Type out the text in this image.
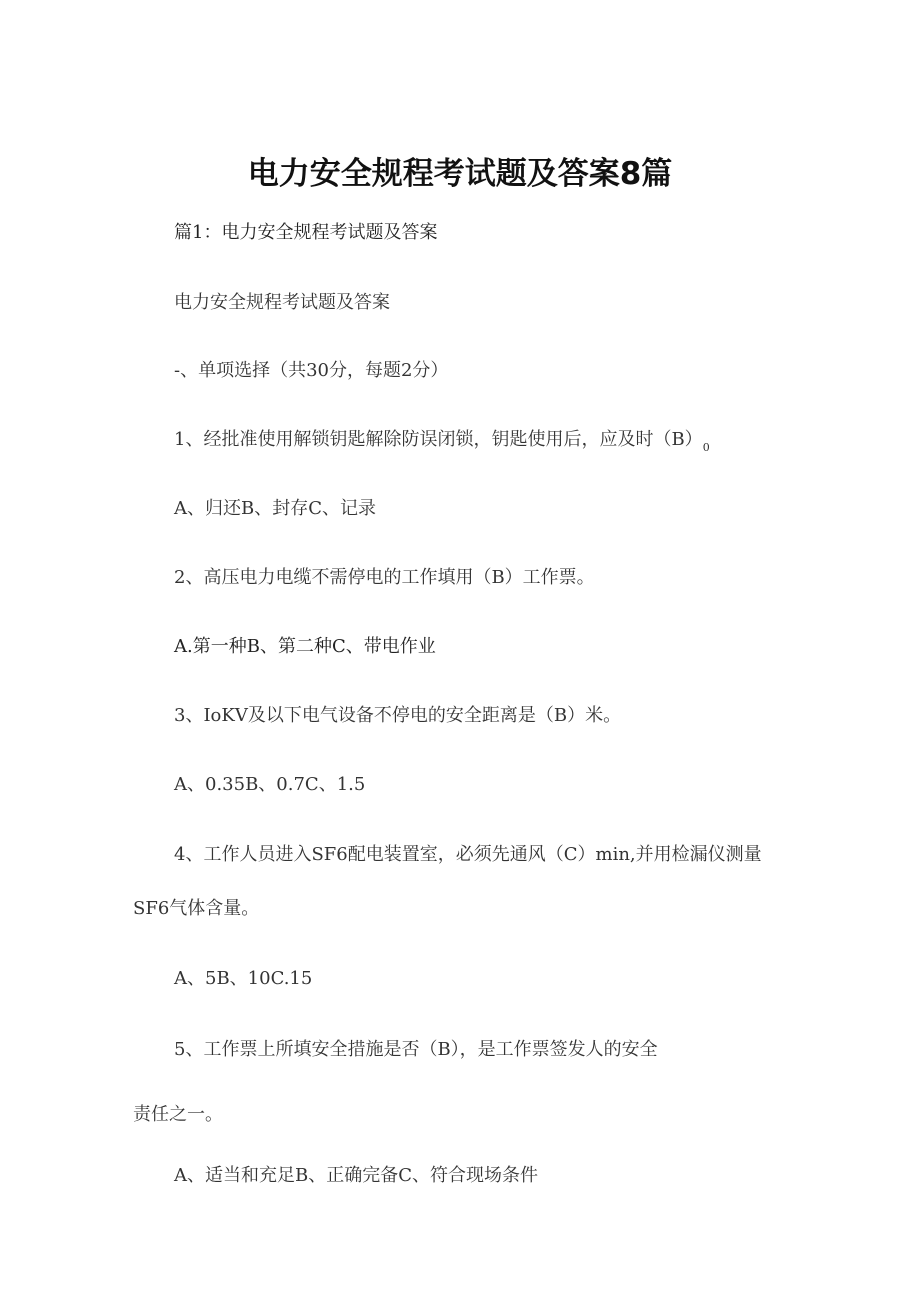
电力安全规程考试题及答案8篇
篇1：电力安全规程考试题及答案
电力安全规程考试题及答案
-、单项选择（共30分，每题2分）
1、经批准使用解锁钥匙解除防误闭锁，钥匙使用后，应及时$(B)_0$
A、归还B、封存C、记录
2、高压电力电缆不需停电的工作填用（B）工作票。
A.第一种B、第二种C、带电作业
3、IoKV及以下电气设备不停电的安全距离是（B）米。
A、0.35B、0.7C、1.5
4、工作人员进入SF6配电装置室，必须先通风（C）min,并用检漏仪测量
SF6气体含量。
A、5B、10C.15
5、工作票上所填安全措施是否（B），是工作票签发人的安全
责任之一。
A、适当和充足B、正确完备C、符合现场条件
